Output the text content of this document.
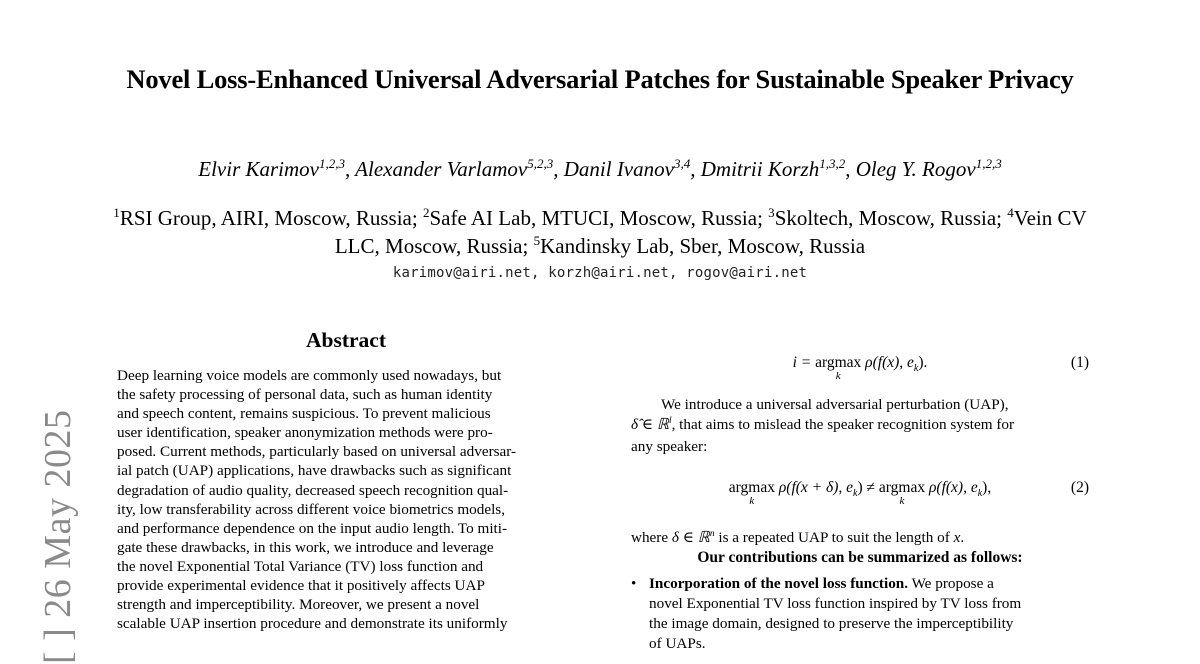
Novel Loss-Enhanced Universal Adversarial Patches for Sustainable Speaker Privacy
Elvir Karimov$^{1,2,3}$, Alexander Varlamov$^{5,2,3}$, Danil Ivanov$^{3,4}$, Dmitrii Korzh$^{1,3,2}$, Oleg Y. Rogov$^{1,2,3}$
$^1$RSI Group, AIRI, Moscow, Russia; $^2$Safe AI Lab, MTUCI, Moscow, Russia; $^3$Skoltech, Moscow, Russia; $^4$Vein CV LLC, Moscow, Russia; $^5$Kandinsky Lab, Sber, Moscow, Russia
karimov@airi.net, korzh@airi.net, rogov@airi.net
[ ] 26 May 2025
Abstract
Deep learning voice models are commonly used nowadays, but
the safety processing of personal data, such as human identity
and speech content, remains suspicious. To prevent malicious
user identification, speaker anonymization methods were pro-
posed. Current methods, particularly based on universal adversar-
ial patch (UAP) applications, have drawbacks such as significant
degradation of audio quality, decreased speech recognition qual-
ity, low transferability across different voice biometrics models,
and performance dependence on the input audio length. To miti-
gate these drawbacks, in this work, we introduce and leverage
the novel Exponential Total Variance (TV) loss function and
provide experimental evidence that it positively affects UAP
strength and imperceptibility. Moreover, we present a novel
scalable UAP insertion procedure and demonstrate its uniformly
i = argmax
k
ρ(f(x), $e_k$).	(1)
We introduce a universal adversarial perturbation (UAP),
δ̂ ∈ ℝ$^l$, that aims to mislead the speaker recognition system for
any speaker:
argmax
k
ρ(f(x + δ), $e_k) \ne argmax$
k
ρ(f(x), $e_k$),	(2)
where δ ∈ ℝ$^n$ is a repeated UAP to suit the length of x.
Our contributions can be summarized as follows:
• Incorporation of the novel loss function. We propose a
novel Exponential TV loss function inspired by TV loss from
the image domain, designed to preserve the imperceptibility
of UAPs.
